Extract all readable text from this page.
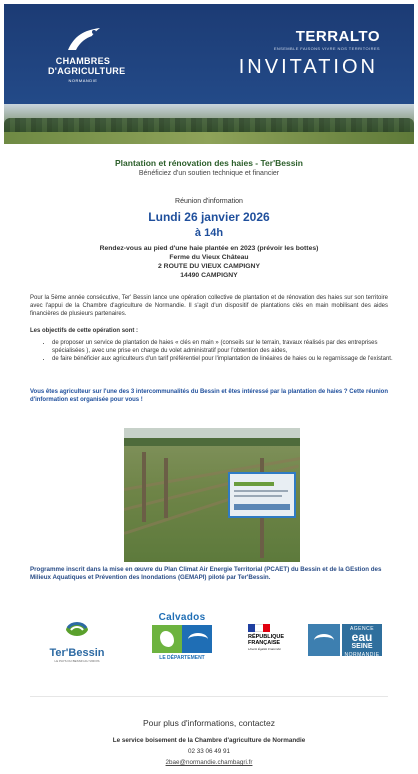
CHAMBRES D'AGRICULTURE
NORMANDIE
TERRALTO
ENSEMBLE FAISONS VIVRE NOS TERRITOIRES
INVITATION
Plantation et rénovation des haies - Ter'Bessin
Bénéficiez d'un soutien technique et financier
Réunion d'information
Lundi 26 janvier 2026
à 14h
Rendez-vous au pied d'une haie plantée en 2023 (prévoir les bottes)
Ferme du Vieux Château
2 ROUTE DU VIEUX CAMPIGNY
14490 CAMPIGNY
Pour la 5ème année consécutive, Ter' Bessin lance une opération collective de plantation et de rénovation des haies sur son territoire avec l'appui de la Chambre d'agriculture de Normandie. Il s'agit d'un dispositif de plantations clés en main mobilisant des aides financières de plusieurs partenaires.
Les objectifs de cette opération sont :
• de proposer un service de plantation de haies « clés en main » (conseils sur le terrain, travaux réalisés par des entreprises spécialisées ), avec une prise en charge du volet administratif pour l'obtention des aides,
• de faire bénéficier aux agriculteurs d'un tarif préférentiel pour l'implantation de linéaires de haies ou le regarnissage de l'existant.
Vous êtes agriculteur sur l'une des 3 intercommunalités du Bessin et êtes intéressé par la plantation de haies ? Cette réunion d'information est organisée pour vous !
Programme inscrit dans la mise en œuvre du Plan Climat Air Energie Territorial (PCAET) du Bessin et de la GEstion des Milieux Aquatiques et Prévention des Inondations (GEMAPI) piloté par Ter'Bessin.
Ter'Bessin
LE PAYS DU BESSIN AU VIROIS
Calvados
LE DÉPARTEMENT
RÉPUBLIQUE FRANÇAISE
Liberté Égalité Fraternité
AGENCE
eau
SEINE
NORMANDIE
Pour plus d'informations, contactez
Le service boisement de la Chambre d'agriculture de Normandie
02 33 06 49 91
2bae@normandie.chambagri.fr
